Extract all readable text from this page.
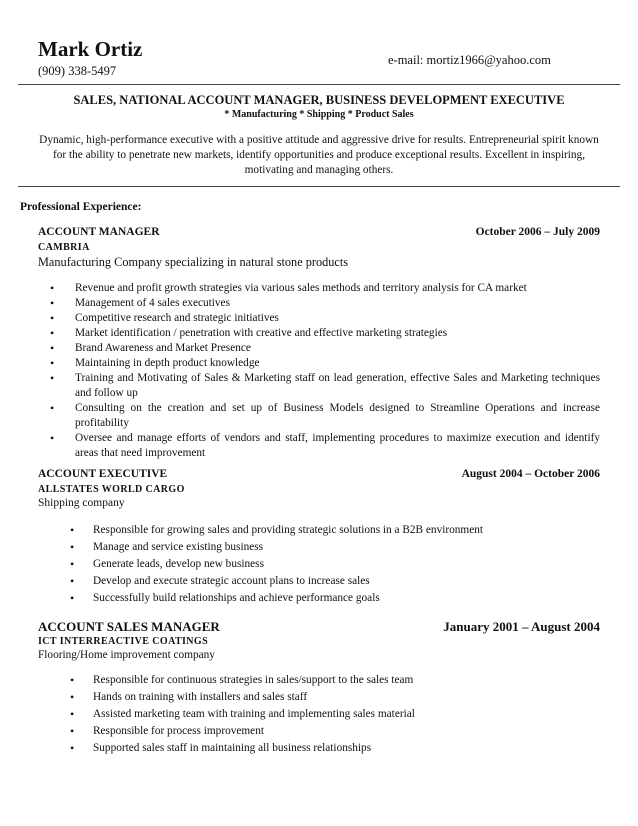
Mark Ortiz	e-mail: mortiz1966@yahoo.com
(909) 338-5497
SALES, NATIONAL ACCOUNT MANAGER, BUSINESS DEVELOPMENT EXECUTIVE
* Manufacturing * Shipping * Product Sales
Dynamic, high-performance executive with a positive attitude and aggressive drive for results. Entrepreneurial spirit known for the ability to penetrate new markets, identify opportunities and produce exceptional results. Excellent in inspiring, motivating and managing others.
Professional Experience:
ACCOUNT MANAGER	October 2006 – July 2009
CAMBRIA
Manufacturing Company specializing in natural stone products
• Revenue and profit growth strategies via various sales methods and territory analysis for CA market
• Management of 4 sales executives
• Competitive research and strategic initiatives
• Market identification / penetration with creative and effective marketing strategies
• Brand Awareness and Market Presence
• Maintaining in depth product knowledge
• Training and Motivating of Sales & Marketing staff on lead generation, effective Sales and Marketing techniques and follow up
• Consulting on the creation and set up of Business Models designed to Streamline Operations and increase profitability
• Oversee and manage efforts of vendors and staff, implementing procedures to maximize execution and identify areas that need improvement
ACCOUNT EXECUTIVE	August 2004 – October 2006
ALLSTATES WORLD CARGO
Shipping company
• Responsible for growing sales and providing strategic solutions in a B2B environment
• Manage and service existing business
• Generate leads, develop new business
• Develop and execute strategic account plans to increase sales
• Successfully build relationships and achieve performance goals
ACCOUNT SALES MANAGER	January 2001 – August 2004
ICT INTERREACTIVE COATINGS
Flooring/Home improvement company
• Responsible for continuous strategies in sales/support to the sales team
• Hands on training with installers and sales staff
• Assisted marketing team with training and implementing sales material
• Responsible for process improvement
• Supported sales staff in maintaining all business relationships
